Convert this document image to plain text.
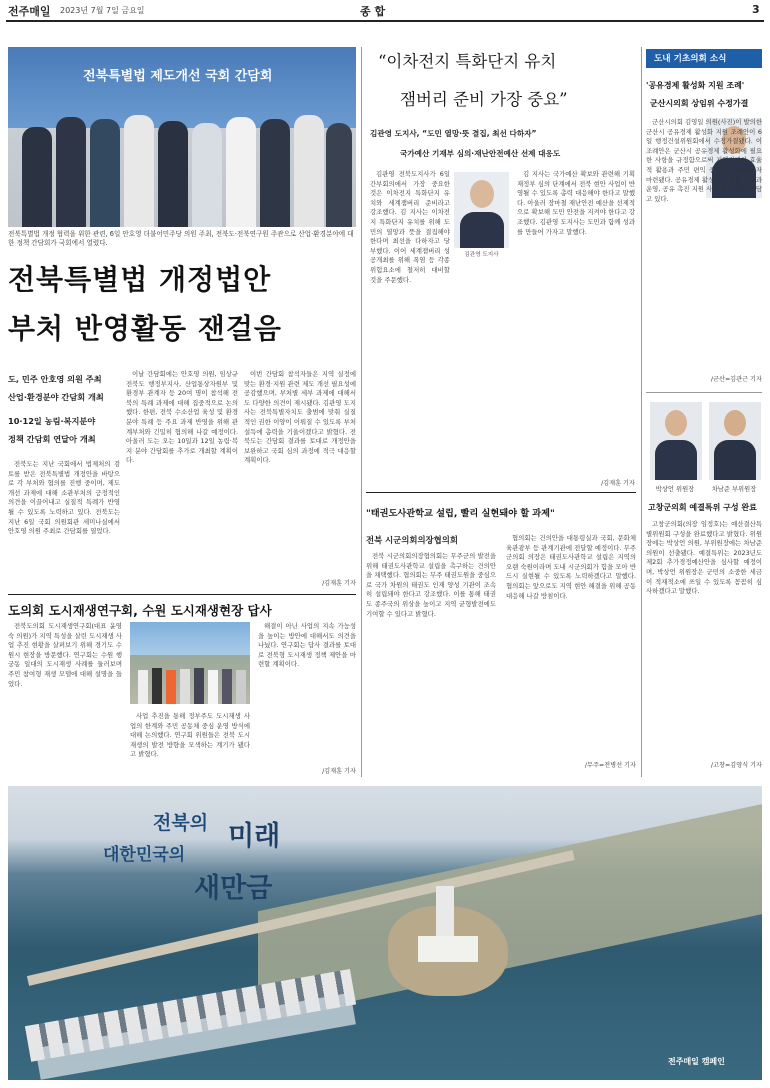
전주매일 2023년 7월 7일 금요일	종 합	3
전북특별법 제도개선 국회 간담회
전북특별법 개정 협력을 위한 관련, 6일 안호영 더불어민주당 의원 주최, 전북도·전북연구원 주관으로 산업·환경분야에 대한 정책 간담회가 국회에서 열렸다.
전북특별법 개정법안
부처 반영활동 잰걸음
도, 민주 안호영 의원 주최
산업·환경분야 간담회 개최
10·12일 농림·복지분야
정책 간담회 연달아 개최

전북도는 지난 국회에서 법제처의 검토를 받은 전북특별법 개정안을 바탕으로 각 부처와 협의를 진행 중이며, 제도개선 과제에 대해 소관부처의 긍정적인 의견을 이끌어내고 실질적 특례가 반영될 수 있도록 노력하고 있다. 전북도는 지난 6일 국회 의원회관 세미나실에서 안호영 의원 주최로 간담회를 열었다.

이날 간담회에는 안호영 의원, 임상규 전북도 행정부지사, 산업통상자원부 및 환경부 관계자 등 20여 명이 참석해 전북의 특례 과제에 대해 집중적으로 논의했다. 한편, 전북 수소산업 육성 및 환경 분야 특례 등 주요 과제 반영을 위해 관계부처와 긴밀히 협의해 나갈 예정이다. 아울러 도는 오는 10일과 12일 농림·복지 분야 간담회를 추가로 개최할 계획이다.

이번 간담회 참석자들은 지역 실정에 맞는 환경·지원 관련 제도 개선 필요성에 공감했으며, 부처별 세부 과제에 대해서도 다양한 의견이 제시됐다. 김관영 도지사는 전북특별자치도 출범에 맞춰 실질적인 권한 이양이 이뤄질 수 있도록 부처 설득에 총력을 기울이겠다고 밝혔다. 전북도는 간담회 결과를 토대로 개정안을 보완하고 국회 심의 과정에 적극 대응할 계획이다.

/김재훈 기자
도의회 도시재생연구회, 수원 도시재생현장 답사

전북도의회 도시재생연구회(대표 윤영숙 의원)가 지역 특성을 살린 도시재생 사업 추진 현황을 살펴보기 위해 경기도 수원시 현장을 방문했다. 연구회는 수원 행궁동 일대의 도시재생 사례를 둘러보며 주민 참여형 재생 모델에 대해 설명을 들었다.

사업 추진을 통해 정부주도 도시재생 사업의 한계와 주민 공동체 중심 운영 방식에 대해 논의했다. 연구회 위원들은 전북 도시재생의 발전 방향을 모색하는 계기가 됐다고 밝혔다.

해결이 아닌 사업의 지속 가능성을 높이는 방안에 대해서도 의견을 나눴다. 연구회는 답사 결과를 토대로 전북형 도시재생 정책 제안을 마련할 계획이다.

/김재훈 기자
“이차전지 특화단지 유치
잼버리 준비 가장 중요”
김관영 도지사, “도민 열망·뜻 결집, 최선 다하자”
국가예산 기재부 심의·재난안전예산 선제 대응도

김관영 전북도지사가 6일 간부회의에서 가장 중요한 것은 이차전지 특화단지 유치와 세계잼버리 준비라고 강조했다. 김 지사는 이차전지 특화단지 유치를 위해 도민의 열망과 뜻을 결집해야 한다며 최선을 다하자고 당부했다. 이어 세계잼버리 성공개최를 위해 폭염 등 각종 위험요소에 철저히 대비할 것을 주문했다.

김관영 도지사

김 지사는 국가예산 확보와 관련해 기획재정부 심의 단계에서 전북 현안 사업이 반영될 수 있도록 총력 대응해야 한다고 말했다. 아울러 장마철 재난안전 예산을 선제적으로 확보해 도민 안전을 지켜야 한다고 강조했다. 김관영 도지사는 도민과 함께 성과를 만들어 가자고 말했다.

/김재훈 기자
"태권도사관학교 설립, 빨리 실현돼야 할 과제"
전북 시군의회의장협의회

전북 시군의회의장협의회는 무주군의 발전을 위해 태권도사관학교 설립을 촉구하는 건의안을 채택했다. 협의회는 무주 태권도원을 중심으로 국가 차원의 태권도 인재 양성 기관이 조속히 설립돼야 한다고 강조했다. 이를 통해 태권도 종주국의 위상을 높이고 지역 균형발전에도 기여할 수 있다고 밝혔다.

협의회는 건의안을 대통령실과 국회, 문화체육관광부 등 관계기관에 전달할 예정이다. 무주군의회 의장은 태권도사관학교 설립은 지역의 오랜 숙원이라며 도내 시군의회가 힘을 모아 반드시 실현될 수 있도록 노력하겠다고 말했다. 협의회는 앞으로도 지역 현안 해결을 위해 공동 대응해 나갈 방침이다.

/무주=전병선 기자
도내 기초의회 소식
'공유경제 활성화 지원 조례'
군산시의회 상임위 수정가결

군산시의회 김영일 의원(사진)이 발의한 군산시 공유경제 활성화 지원 조례안이 6일 행정건설위원회에서 수정가결됐다. 이 조례안은 군산시 공유경제 활성화에 필요한 사항을 규정함으로써 지역경제의 효율적 활용과 주민 편익 증진에 기여하고자 마련됐다. 공유경제 활성화 위원회 구성과 운영, 공유 촉진 지원 사업 등의 내용을 담고 있다.

/군산=김관근 기자
박상언 위원장	차남준 부위원장
고창군의회 예결특위 구성 완료

고창군의회(의장 임정호)는 예산결산특별위원회 구성을 완료했다고 밝혔다. 위원장에는 박상언 의원, 부위원장에는 차남준 의원이 선출됐다. 예결특위는 2023년도 제2회 추가경정예산안을 심사할 예정이며, 박상언 위원장은 군민의 소중한 세금이 적재적소에 쓰일 수 있도록 꼼꼼히 심사하겠다고 말했다.

/고창=김영식 기자
전북의 미래
대한민국의
새만금
전주매일 캠페인
